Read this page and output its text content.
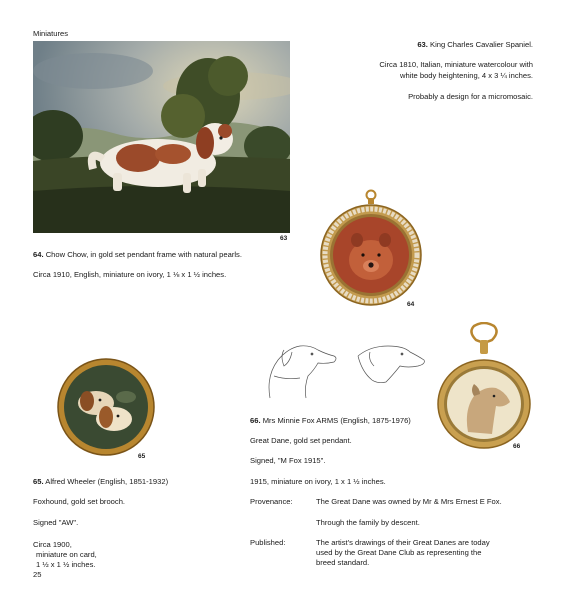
Miniatures
63
63. King Charles Cavalier Spaniel.
Circa 1810, Italian, miniature watercolour with
white body heightening, 4 x 3 ¼ inches.
Probably a design for a micromosaic.
64. Chow Chow, in gold set pendant frame with natural pearls.
Circa 1910, English, miniature on ivory, 1 ⅛ x 1 ½ inches.
64
65
65. Alfred Wheeler (English, 1851-1932)
Foxhound, gold set brooch.
Signed "AW".
Circa 1900,
miniature on card,
1 ½ x 1 ½ inches.
25
66
66. Mrs Minnie Fox ARMS (English, 1875-1976)
Great Dane, gold set pendant.
Signed, "M Fox 1915".
1915, miniature on ivory, 1 x 1 ½ inches.
Provenance:	The Great Dane was owned by Mr & Mrs Ernest E Fox.
Through the family by descent.
Published:	The artist's drawings of their Great Danes are today
used by the Great Dane Club as representing the
breed standard.
